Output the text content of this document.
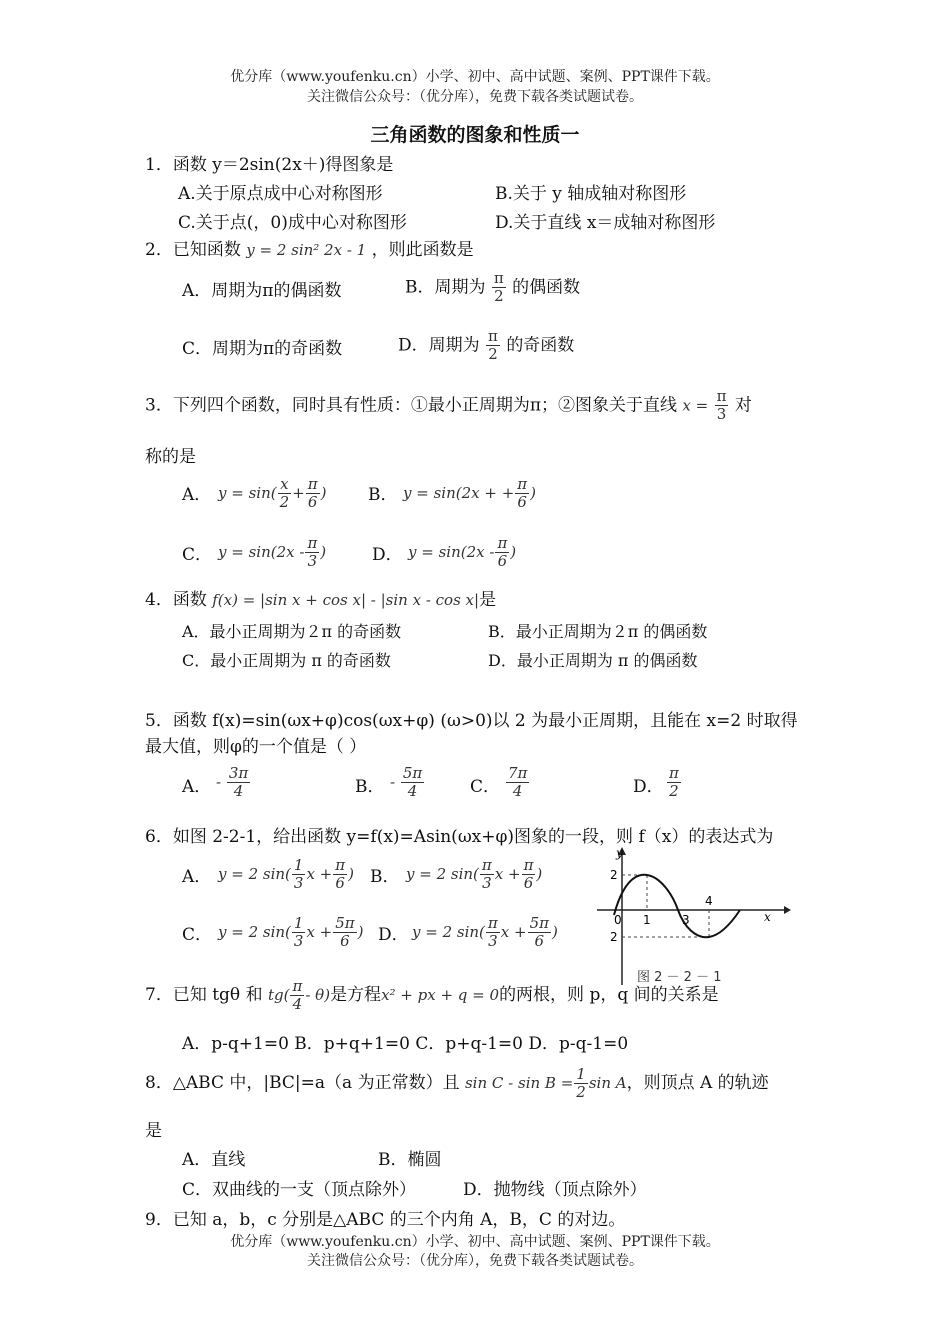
优分库（www.youfenku.cn）小学、初中、高中试题、案例、PPT课件下载。
关注微信公众号：（优分库），免费下载各类试题试卷。
三角函数的图象和性质一
1．函数 y＝2sin(2x＋)得图象是
A.关于原点成中心对称图形	B.关于 y 轴成轴对称图形
C.关于点(，0)成中心对称图形	D.关于直线 x＝成轴对称图形
2．已知函数 y = 2 sin² 2x - 1 ，则此函数是
A．周期为π的偶函数	B．周期为 $\frac{\pi}{2}$ 的偶函数
C．周期为π的奇函数	D．周期为 $\frac{\pi}{2}$ 的奇函数
3．下列四个函数，同时具有性质：①最小正周期为π；②图象关于直线 $x = \frac{\pi}{3}$ 对
称的是
A． $y = \sin( \frac{x}{2} + \frac{\pi}{6}$ ) B． y = sin(2x + + $\frac{\pi}{6}$ )
C． $y = \sin(2x - \frac{\pi}{3}$ )	D． $y = \sin(2x - \frac{\pi}{6}$ )
4．函数 f(x) = |sin x + cos x| - |sin x - cos x|是
A．最小正周期为２π 的奇函数	B．最小正周期为２π 的偶函数
C．最小正周期为 π 的奇函数	D．最小正周期为 π 的偶函数
5．函数 f(x)=sin(ωx+φ)cos(ωx+φ) (ω>0)以 2 为最小正周期，且能在 x=2 时取得
最大值，则φ的一个值是（ ）
A． - $\frac{3\pi}{4}$	B． - $\frac{5\pi}{4}$	C． $\frac{7\pi}{4}$	D． $\frac{\pi}{2}$
6．如图 2-2-1，给出函数 y=f(x)=Asin(ωx+φ)图象的一段，则 f（x）的表达式为
A． y = 2 $\sin( \frac{1}{3}$ $x + \frac{\pi}{6}$ ) B． y = 2 $\sin( \frac{\pi}{3}$ $x + \frac{\pi}{6}$ )
C． y = 2 $\sin( \frac{1}{3}$ $x + \frac{5\pi}{6}$ ) D． y = 2 $\sin( \frac{\pi}{3}$ $x + \frac{5\pi}{6}$ )
y
x
2
2
0 1	3
4
图 2 － 2 － 1
7．已知 tgθ 和 $tg( \frac{\pi}{4} - \theta)$是方程x² + px + q = 0的两根，则 p，q 间的关系是
A．p-q+1=0 B．p+q+1=0 C．p+q-1=0 D．p-q-1=0
8．△ABC 中，|BC|=a（a 为正常数）且 $\sin C - \sin B = \frac{1}{2}$ sin A，则顶点 A 的轨迹
是
A．直线	B．椭圆
C．双曲线的一支（顶点除外）	D．抛物线（顶点除外）
9．已知 a，b，c 分别是△ABC 的三个内角 A，B，C 的对边。
优分库（www.youfenku.cn）小学、初中、高中试题、案例、PPT课件下载。
关注微信公众号：（优分库），免费下载各类试题试卷。
